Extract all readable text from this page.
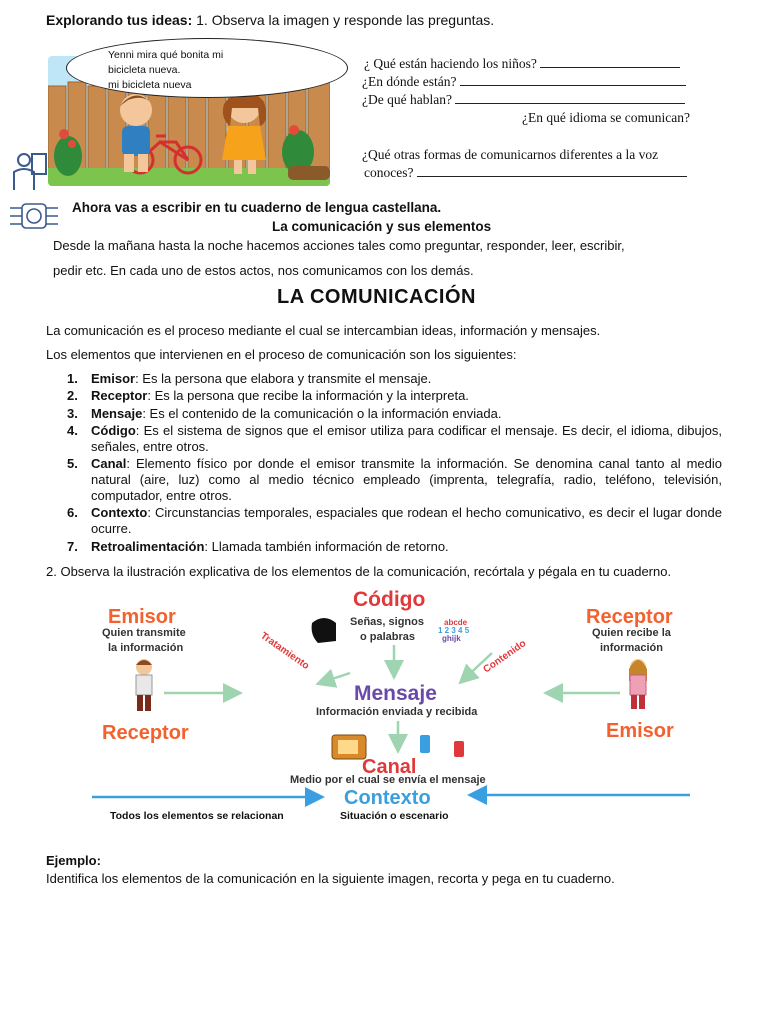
Explorando tus ideas: 1. Observa la imagen y responde las preguntas.
Yenni mira qué bonita mi
bicicleta nueva.
mi bicicleta nueva
¿ Qué están haciendo los niños?
¿En dónde están?
¿De qué hablan?
¿En qué idioma se comunican?
¿Qué otras formas de comunicarnos diferentes a la voz
conoces?
Ahora vas a escribir en tu cuaderno de lengua castellana.
La comunicación y sus elementos
Desde la mañana hasta la noche hacemos acciones tales como preguntar, responder, leer, escribir,
pedir etc. En cada uno de estos actos, nos comunicamos con los demás.
LA COMUNICACIÓN
La comunicación es el proceso mediante el cual se intercambian ideas, información y mensajes.
Los elementos que intervienen en el proceso de comunicación son los siguientes:
1. Emisor: Es la persona que elabora y transmite el mensaje.
2. Receptor: Es la persona que recibe la información y la interpreta.
3. Mensaje: Es el contenido de la comunicación o la información enviada.
4. Código: Es el sistema de signos que el emisor utiliza para codificar el mensaje. Es decir, el idioma, dibujos, señales, entre otros.
5. Canal: Elemento físico por donde el emisor transmite la información. Se denomina canal tanto al medio natural (aire, luz) como al medio técnico empleado (imprenta, telegrafía, radio, teléfono, televisión, computador, entre otros.
6. Contexto: Circunstancias temporales, espaciales que rodean el hecho comunicativo, es decir el lugar donde ocurre.
7. Retroalimentación: Llamada también información de retorno.
2. Observa la ilustración explicativa de los elementos de la comunicación, recórtala y pégala en tu cuaderno.
Emisor
Quien transmite
la información
Receptor
Código
Señas, signos
o palabras
abcde
1 2 3 4 5
ghijk
Tratamiento	Contenido
Mensaje
Información enviada y recibida
Canal
Medio por el cual se envía el mensaje
Receptor
Quien recibe la
información
Emisor
Contexto
Todos los elementos se relacionan	Situación o escenario
Ejemplo:
Identifica los elementos de la comunicación en la siguiente imagen, recorta y pega en tu cuaderno.
